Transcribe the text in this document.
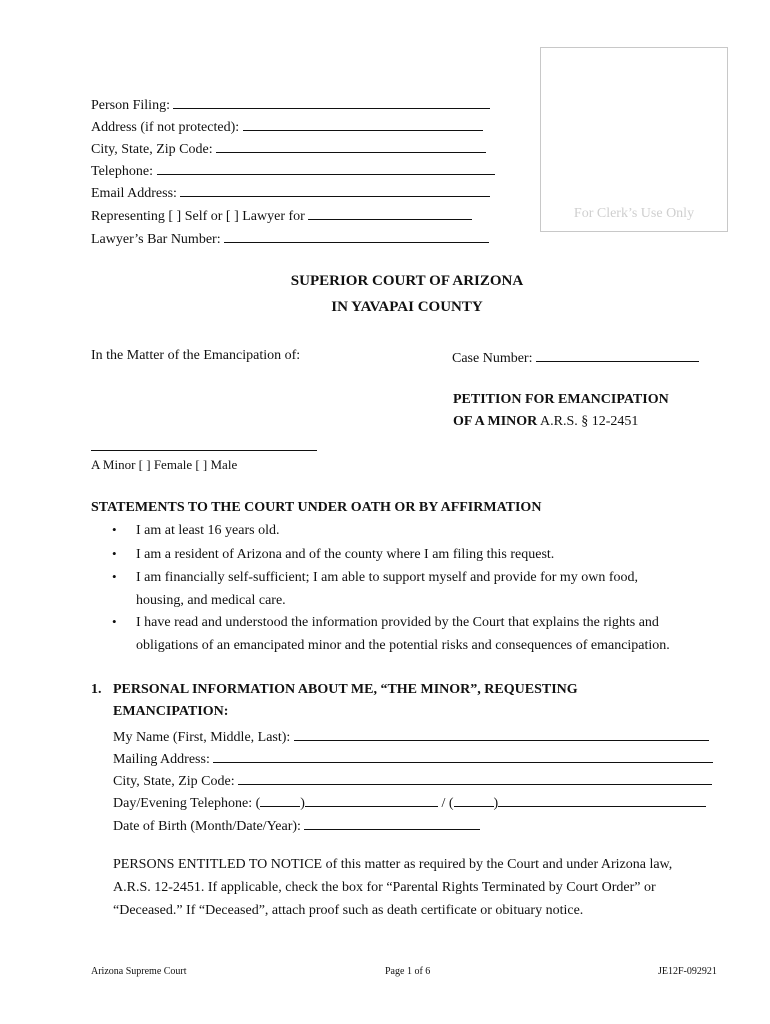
For Clerk’s Use Only
Person Filing:
Address (if not protected):
City, State, Zip Code:
Telephone:
Email Address:
Representing [ ] Self or [ ] Lawyer for
Lawyer’s Bar Number:
SUPERIOR COURT OF ARIZONA
IN YAVAPAI COUNTY
In the Matter of the Emancipation of:	Case Number:
PETITION FOR EMANCIPATION
OF A MINOR A.R.S. § 12-2451
A Minor [ ] Female [ ] Male
STATEMENTS TO THE COURT UNDER OATH OR BY AFFIRMATION
• I am at least 16 years old.
• I am a resident of Arizona and of the county where I am filing this request.
• I am financially self-sufficient; I am able to support myself and provide for my own food,
housing, and medical care.
• I have read and understood the information provided by the Court that explains the rights and
obligations of an emancipated minor and the potential risks and consequences of emancipation.
1. PERSONAL INFORMATION ABOUT ME, “THE MINOR”, REQUESTING
EMANCIPATION:
My Name (First, Middle, Last):
Mailing Address:
City, State, Zip Code:
Day/Evening Telephone: (	)	/ (	)
Date of Birth (Month/Date/Year):
PERSONS ENTITLED TO NOTICE of this matter as required by the Court and under Arizona law,
A.R.S. 12-2451. If applicable, check the box for “Parental Rights Terminated by Court Order” or
“Deceased.” If “Deceased”, attach proof such as death certificate or obituary notice.
Arizona Supreme Court	Page 1 of 6	JE12F-092921
